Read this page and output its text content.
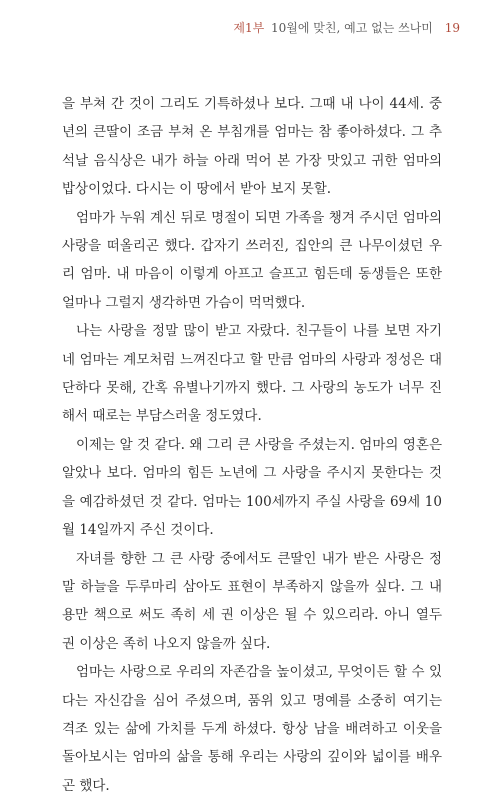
제1부 10월에 맞친, 예고 없는 쓰나미 19

을 부쳐 간 것이 그리도 기특하셨나 보다. 그때 내 나이 44세. 중년의 큰딸이 조금 부쳐 온 부침개를 엄마는 참 좋아하셨다. 그 추석날 음식상은 내가 하늘 아래 먹어 본 가장 맛있고 귀한 엄마의 밥상이었다. 다시는 이 땅에서 받아 보지 못할.

엄마가 누워 계신 뒤로 명절이 되면 가족을 챙겨 주시던 엄마의 사랑을 떠올리곤 했다. 갑자기 쓰러진, 집안의 큰 나무이셨던 우리 엄마. 내 마음이 이렇게 아프고 슬프고 힘든데 동생들은 또한 얼마나 그럴지 생각하면 가슴이 먹먹했다.

나는 사랑을 정말 많이 받고 자랐다. 친구들이 나를 보면 자기네 엄마는 계모처럼 느껴진다고 할 만큼 엄마의 사랑과 정성은 대단하다 못해, 간혹 유별나기까지 했다. 그 사랑의 농도가 너무 진해서 때로는 부담스러울 정도였다.

이제는 알 것 같다. 왜 그리 큰 사랑을 주셨는지. 엄마의 영혼은 알았나 보다. 엄마의 힘든 노년에 그 사랑을 주시지 못한다는 것을 예감하셨던 것 같다. 엄마는 100세까지 주실 사랑을 69세 10월 14일까지 주신 것이다.

자녀를 향한 그 큰 사랑 중에서도 큰딸인 내가 받은 사랑은 정말 하늘을 두루마리 삼아도 표현이 부족하지 않을까 싶다. 그 내용만 책으로 써도 족히 세 권 이상은 될 수 있으리라. 아니 열두 권 이상은 족히 나오지 않을까 싶다.

엄마는 사랑으로 우리의 자존감을 높이셨고, 무엇이든 할 수 있다는 자신감을 심어 주셨으며, 품위 있고 명예를 소중히 여기는 격조 있는 삶에 가치를 두게 하셨다. 항상 남을 배려하고 이웃을 돌아보시는 엄마의 삶을 통해 우리는 사랑의 깊이와 넓이를 배우곤 했다.
